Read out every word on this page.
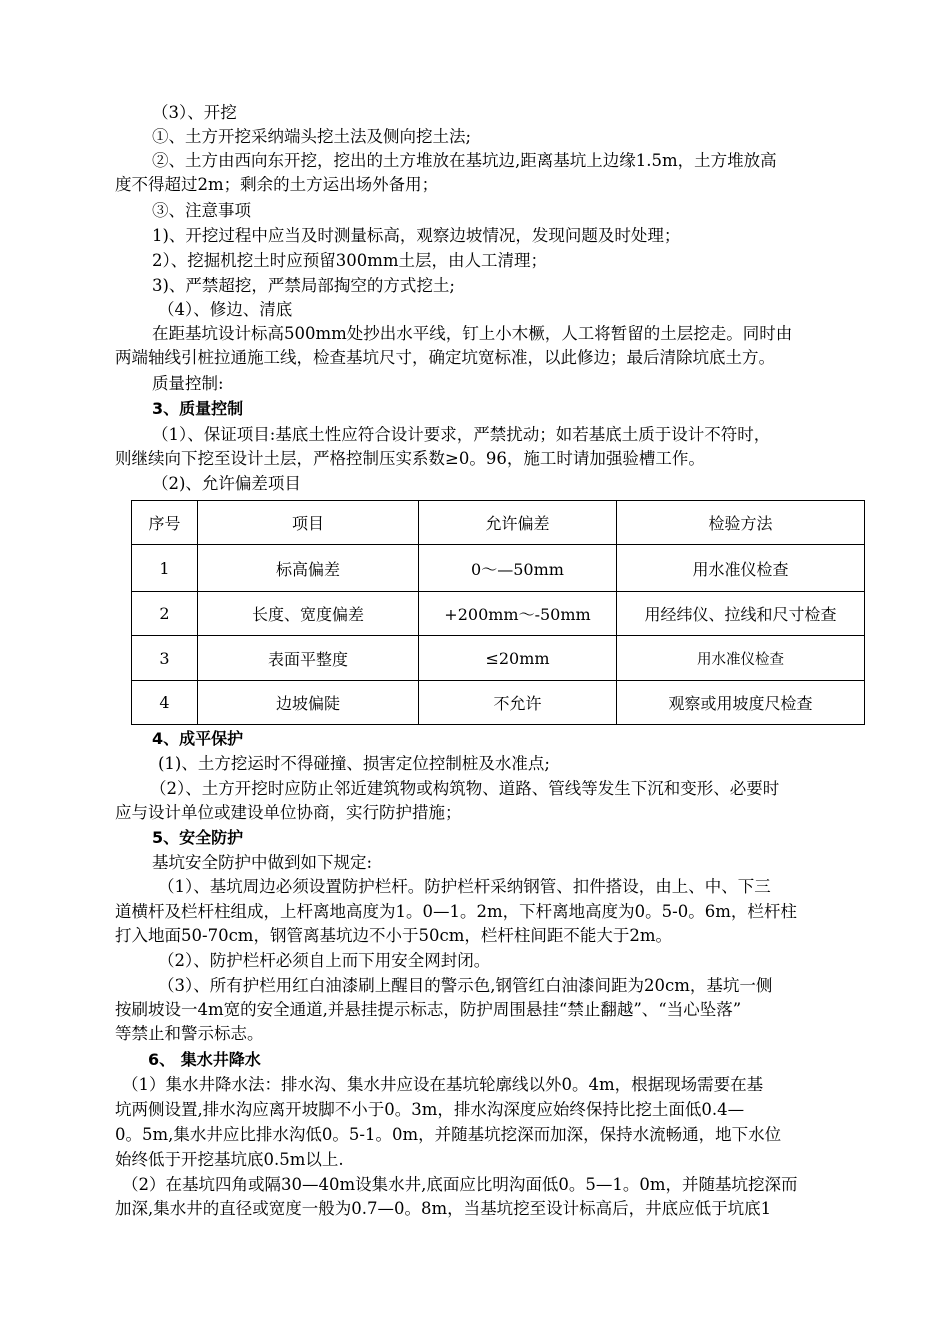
（3）、开挖
①、土方开挖采纳端头挖土法及侧向挖土法;
②、土方由西向东开挖，挖出的土方堆放在基坑边,距离基坑上边缘1.5m，土方堆放高
度不得超过2m；剩余的土方运出场外备用；
③、注意事项
1)、开挖过程中应当及时测量标高，观察边坡情况，发现问题及时处理；
2）、挖掘机挖土时应预留300mm土层，由人工清理；
3)、严禁超挖，严禁局部掏空的方式挖土;
（4）、修边、清底
在距基坑设计标高500mm处抄出水平线，钉上小木橛，人工将暂留的土层挖走。同时由
两端轴线引桩拉通施工线，检查基坑尺寸，确定坑宽标准，以此修边；最后清除坑底土方。
质量控制:
3、质量控制
（1）、保证项目:基底土性应符合设计要求，严禁扰动；如若基底土质于设计不符时，
则继续向下挖至设计土层，严格控制压实系数≥0。96，施工时请加强验槽工作。
（2)、允许偏差项目
序号	项目	允许偏差	检验方法
1	标高偏差	0～—50mm	用水准仪检查
2	长度、宽度偏差	+200mm～-50mm	用经纬仪、拉线和尺寸检查
3	表面平整度	≤20mm	用水准仪检查
4	边坡偏陡	不允许	观察或用坡度尺检查
4、成平保护
(1)、土方挖运时不得碰撞、损害定位控制桩及水准点;
（2）、土方开挖时应防止邻近建筑物或构筑物、道路、管线等发生下沉和变形、必要时
应与设计单位或建设单位协商，实行防护措施；
5、安全防护
基坑安全防护中做到如下规定:
（1）、基坑周边必须设置防护栏杆。防护栏杆采纳钢管、扣件搭设，由上、中、下三
道横杆及栏杆柱组成，上杆离地高度为1。0—1。2m，下杆离地高度为0。5-0。6m，栏杆柱
打入地面50-70cm，钢管离基坑边不小于50cm，栏杆柱间距不能大于2m。
（2）、防护栏杆必须自上而下用安全网封闭。
（3）、所有护栏用红白油漆刷上醒目的警示色,钢管红白油漆间距为20cm，基坑一侧
按刷坡设一4m宽的安全通道,并悬挂提示标志，防护周围悬挂“禁止翻越”、“当心坠落”
等禁止和警示标志。
6、 集水井降水
（1）集水井降水法：排水沟、集水井应设在基坑轮廓线以外0。4m，根据现场需要在基
坑两侧设置,排水沟应离开坡脚不小于0。3m，排水沟深度应始终保持比挖土面低0.4—
0。5m,集水井应比排水沟低0。5-1。0m，并随基坑挖深而加深，保持水流畅通，地下水位
始终低于开挖基坑底0.5m以上.
（2）在基坑四角或隔30—40m设集水井,底面应比明沟面低0。5—1。0m，并随基坑挖深而
加深,集水井的直径或宽度一般为0.7—0。8m，当基坑挖至设计标高后，井底应低于坑底1
